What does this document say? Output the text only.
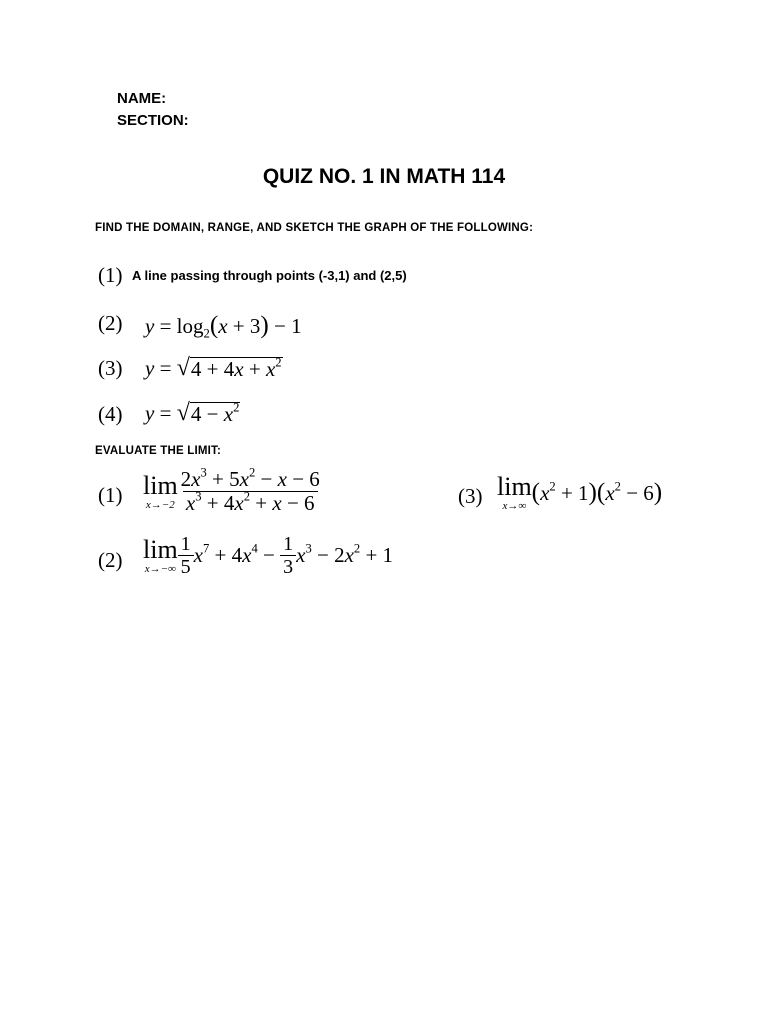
NAME:
SECTION:
QUIZ NO. 1 IN MATH 114
FIND THE DOMAIN, RANGE, AND SKETCH THE GRAPH OF THE FOLLOWING:
(1) A line passing through points (-3,1) and (2,5)
(2) $y = \log_2(x + 3) - 1$
(3) y = √ $4 + 4x + x^2$
(4) y = √ $4 - x^2$
EVALUATE THE LIMIT:
(1) lim
$x\to-2 \frac{2x^3 + 5x^2 - x - 6}{x^3 + 4x^2 + x - 6}$	(3) lim
x→∞ $(x^2 + 1)(x^2 - 6)$
(2) lim
$x\to-\infty \frac{1}{5} x^7 + 4x^4 - \frac{1}{3} x^3 - 2x^2 + 1$
